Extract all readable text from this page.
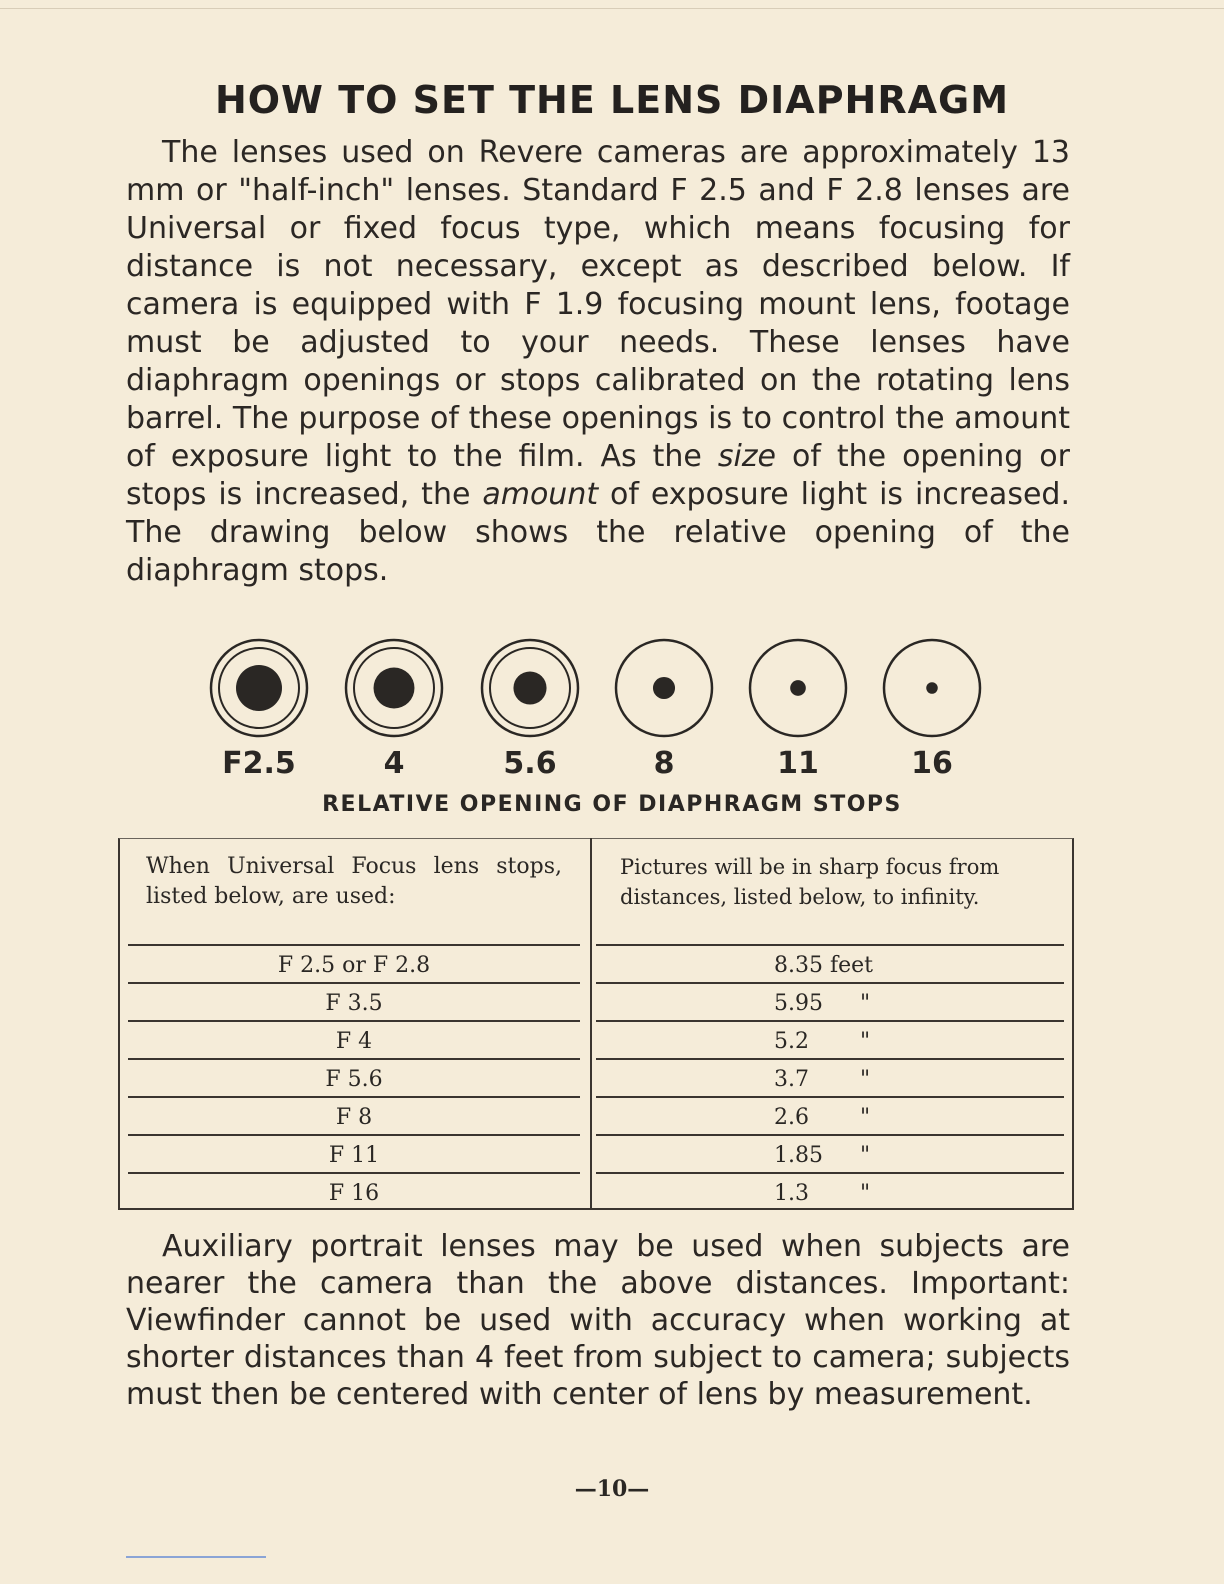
HOW TO SET THE LENS DIAPHRAGM
The lenses used on Revere cameras are approximately 13 mm or "half-inch" lenses. Standard F 2.5 and F 2.8 lenses are Universal or fixed focus type, which means focusing for distance is not necessary, except as described below. If camera is equipped with F 1.9 focusing mount lens, footage must be adjusted to your needs. These lenses have diaphragm openings or stops calibrated on the rotating lens barrel. The purpose of these openings is to control the amount of exposure light to the film. As the size of the opening or stops is increased, the amount of exposure light is increased. The drawing below shows the relative opening of the diaphragm stops.
F2.5	4	5.6	8	11	16
RELATIVE OPENING OF DIAPHRAGM STOPS
When Universal Focus lens stops, listed below, are used:
Pictures will be in sharp focus from distances, listed below, to infinity.
F 2.5 or F 2.8	8.35 feet
F 3.5	5.95 "
F 4	5.2 "
F 5.6	3.7 "
F 8	2.6 "
F 11	1.85 "
F 16	1.3 "
Auxiliary portrait lenses may be used when subjects are nearer the camera than the above distances. Important: Viewfinder cannot be used with accuracy when working at shorter distances than 4 feet from subject to camera; subjects must then be centered with center of lens by measurement.
—10—
